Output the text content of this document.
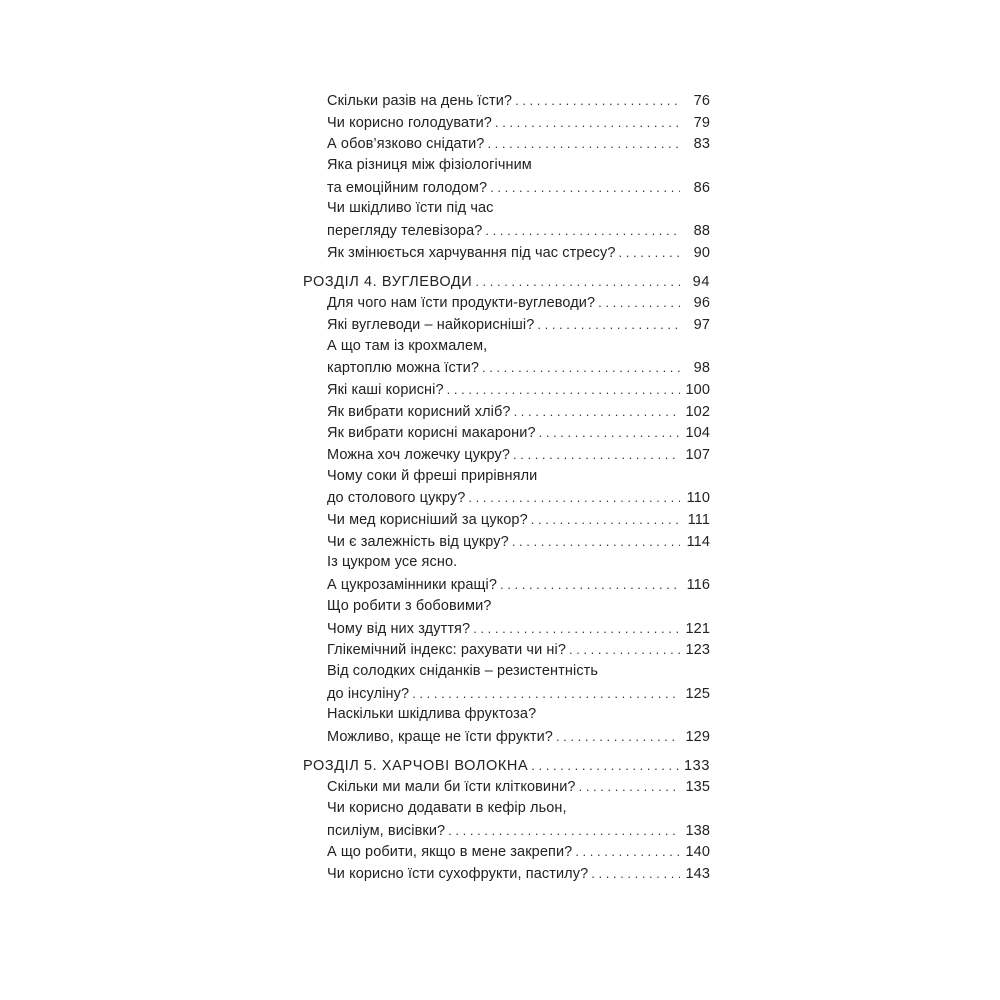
Скільки разів на день їсти? . . .	76
Чи корисно голодувати? . . .	79
А обов’язково снідати? . . .	83
Яка різниця між фізіологічним
та емоційним голодом? . . .	86
Чи шкідливо їсти під час
перегляду телевізора? . . .	88
Як змінюється харчування під час стресу? . . .	90
РОЗДІЛ 4. ВУГЛЕВОДИ . . .	94
Для чого нам їсти продукти-вуглеводи? . . .	96
Які вуглеводи – найкорисніші? . . .	97
А що там із крохмалем,
картоплю можна їсти? . . .	98
Які каші корисні? . . .	100
Як вибрати корисний хліб? . . .	102
Як вибрати корисні макарони? . . .	104
Можна хоч ложечку цукру? . . .	107
Чому соки й фреші прирівняли
до столового цукру? . . .	110
Чи мед корисніший за цукор? . . .	111
Чи є залежність від цукру? . . .	114
Із цукром усе ясно.
А цукрозамінники кращі? . . .	116
Що робити з бобовими?
Чому від них здуття? . . .	121
Глікемічний індекс: рахувати чи ні? . . .	123
Від солодких сніданків – резистентність
до інсуліну? . . .	125
Наскільки шкідлива фруктоза?
Можливо, краще не їсти фрукти? . . .	129
РОЗДІЛ 5. ХАРЧОВІ ВОЛОКНА . . .	133
Скільки ми мали би їсти клітковини? . . .	135
Чи корисно додавати в кефір льон,
псиліум, висівки? . . .	138
А що робити, якщо в мене закрепи? . . .	140
Чи корисно їсти сухофрукти, пастилу? . . .	143
